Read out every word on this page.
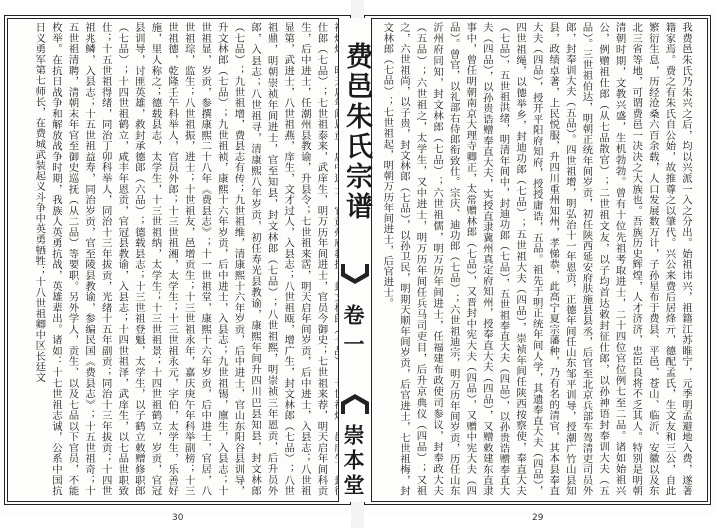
仕郎（七品）；七世祖泰来，武庠生，明万历年间进士，官员今御史；七世祖来荐，明天启年间科贡生，后中进士，任潮州县教谕，升县令；七世祖来霑，明天启年间岁贡，后中进士，入县志；八世祖显第，武进士，八世祖燕，庠生，文才过人，入县志；八世祖瓯，增广生，封文林郎（七品）；八世祖鼎，明朝崇祯年间进士，官至知县，封文林郎（七品）；八世祖熙，明崇祯三年恩贡，后升员外郎，入县志；八世祖寻，清康熙八年岁贡，初任寿光县教谕，康熙年间升四川巴县知县，封文林郎（七品）；九世祖增，费县志有传；九世祖维，清康熙十六年岁贡，后中进士，官山东阳谷县训导，升文林郎（七品）；九世祖祯，康熙十六年岁贡，后中进士，入县志；九世祖锡，廪生，入县志；十世祖显，岁贡，参撰康熙二十八年《费县志》；十一世祖堂，康熙十六年岁贡，后中进士，官居，八世祖琮，监生；八世祖振，进士；十世祖友，邑增贡生；十三世祖永年，嘉庆庚午年科举副榜；十三世祖德，乾隆壬午科举人，官员外郎；十三世祖湘，太学生；十三世祖永元，字伯，太学生，乐善好施，里人称之；德载县志，太学生，十三世祖纳，太学生；十三世祖景；十四世祖鹤立，岁贡，官冠县训导，讨匪英雄，救封承德郎（六品）；德载县志；十三世祖登魁，太学生，以子鹤立敕赠修职郎（七品）；十四世祖鹤立，咸丰年恩贡，官冠县教谕，入县志；十四世祖泽，武庠生，以七品世职致仕；十五世祖得绪，同治丁卯科举人，同治十三年拔贡，光绪十五年副贡；同治十三年拔贡；十四世祖兆鳞，入县志；十五世祖益寿，同治岁贡，官至陵县教谕，参编民国《费县志》；十五世祖奇；十五世祖清聘，清朝末年官至御史巡抚（从二品）等要职。另外学人，贡生、以及七品以下官员，不能枚举。在抗日战争和解放战争时期，我族人英勇抗战，英雄辈出。诸如：十七世祖志诚，公系中国抗日义勇军第七师长，在费城武装起义斗争中英勇牺牲；十八世祖卿中区长廷文	我费邑朱氏乃朱兴之后，均以兴派一入之分出。始祖讳兴，祖籍江苏睢宁，元季明孟避地入费，遂著籍家焉。费之有朱氏自公始，故推尊之以肇代。兴公来费后居烽亓，德配孟氏，生文友和三公，自此繁衍生息，历经沧桑六百余载，人口发展数万计，子孙星布于费县、平邑、苍山、临沂、安徽以及东北三省等地，可谓费邑一决决之大族也。吾族历史辉煌，人才济济，忠臣良将不乏其人。特别是明朝清朝时期，文教兴盛，生机勃勃。曾有十位先祖考取进士，二十四位官位例七至二品。诸如始祖兴公，例赠祖仕郎（从七品散官）；二世祖文友，以子均首达敕封征仕郎，以孙神语封奉训大夫（五品）。三世祖伯达，明朝正统年间岁贡，初任陕西延安府肤施县县丞，后官至北京兵部车驾清吏司员外郎，封奉训大夫（五品）。四世祖增，明弘治十一年恩贡，正德年间任山东邹平训导，授潮广竹山县知县，政绩卓著，上民悦服，升四川重州知州，孝悌恭，此高宁夏宗藩种，乃有名的清官，其本县奉直大夫（四品），授开平阳府知府，授授庸诰，五品。祖先于明正统年间人学，其遗奉直大夫（四品），四世祖绳，以德举乡，封迪功郎（七品）；五世祖大夫（四品），崇祯年间任陕西按察使，奉直大夫（七品），五世祖洪绪，明清年间中，封迪功郎（七品），五世祖奉直大夫（四品），以孙贵诰赠奉直大夫（四品），以孙贵诰赠奉直大夫，实授直隶冀州真定府知州，授奉直大夫（四品），又赠敕建东直隶事中，曾任明朝南京大理寺卿正，太常赠林郎（七品），又晋封中宪大夫（四品），又赠中宪大夫（四品）。曾官，以礼部右侍郎衔致仕。宗庆、迪功郎（七品）；六世祖迪宗，明万历年间岁贡，历任山东沂州府同知，封文林郎（七品）；六世祖儒，明万历年间进士，任福建布政使司参议，封奉政大夫（五品）；六世祖之，太学生，又中进士，明万历年间任兵马司吏目，后升京典仪（四品）；又祖之，六世祖尚，以子贵，封文林郎（七品），以孙卫民，明期天顺年间岁贡，后官进士，七世祖梅，封文林郎（七品）；七世祖起，明朝万历年间进士，后官进士。

费邑朱氏宗谱
卷一
崇本堂
30	29
